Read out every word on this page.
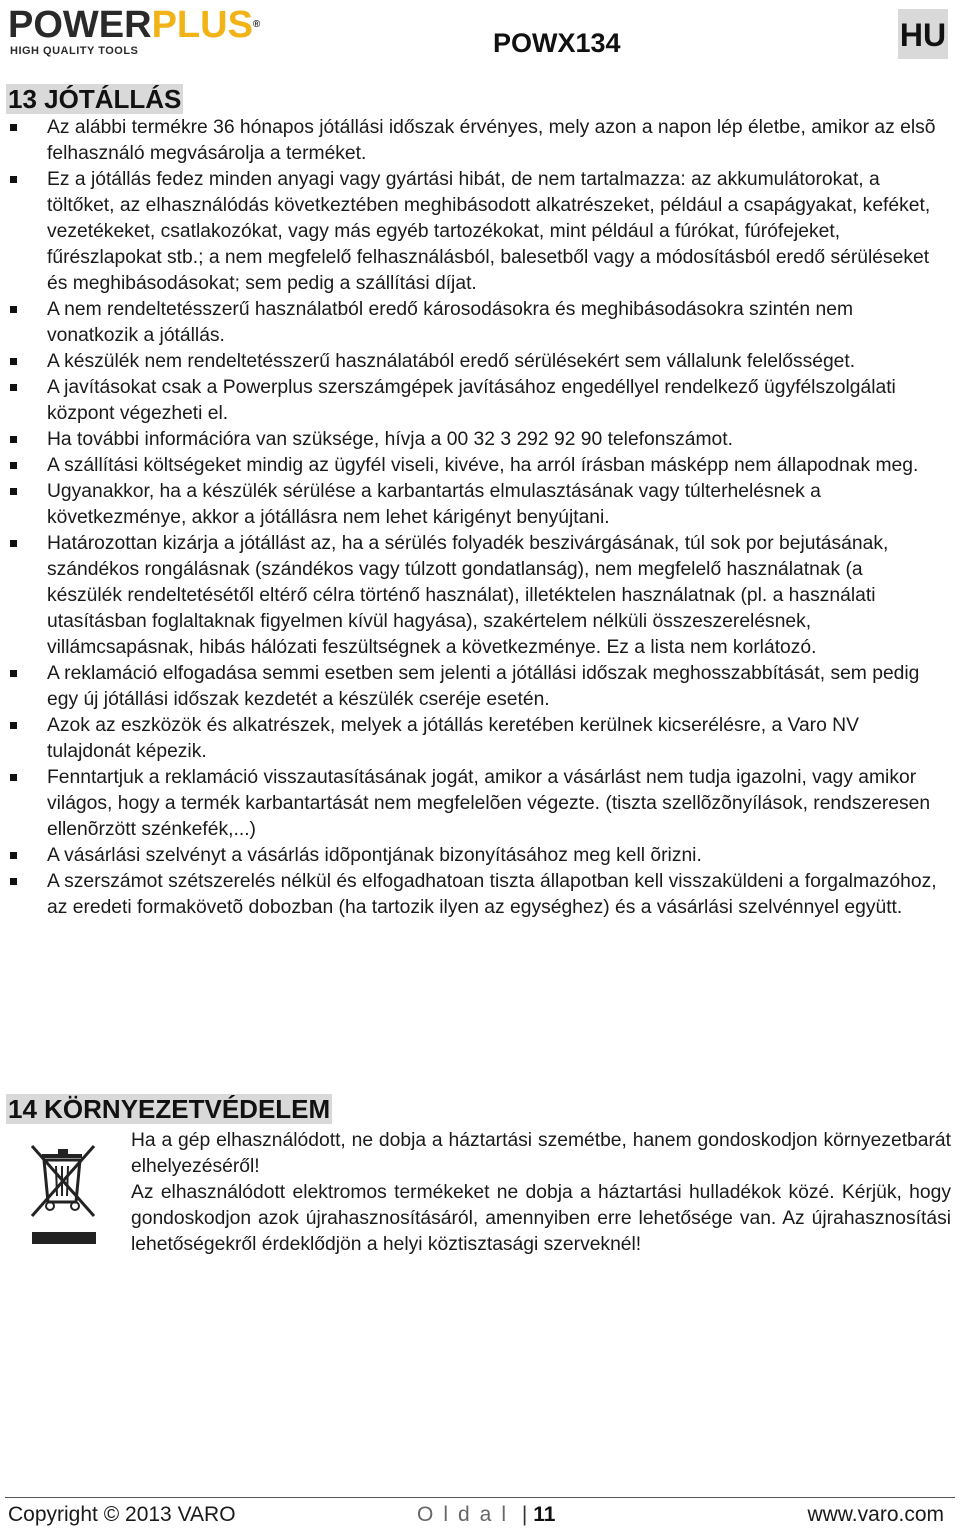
POWERPLUS®
HIGH QUALITY TOOLS	POWX134	HU
13 JÓTÁLLÁS
Az alábbi termékre 36 hónapos jótállási időszak érvényes, mely azon a napon lép életbe, amikor az elsõ felhasználó megvásárolja a terméket.
Ez a jótállás fedez minden anyagi vagy gyártási hibát, de nem tartalmazza: az akkumulátorokat, a töltőket, az elhasználódás következtében meghibásodott alkatrészeket, például a csapágyakat, keféket, vezetékeket, csatlakozókat, vagy más egyéb tartozékokat, mint például a fúrókat, fúrófejeket, fűrészlapokat stb.; a nem megfelelő felhasználásból, balesetből vagy a módosításból eredő sérüléseket és meghibásodásokat; sem pedig a szállítási díjat.
A nem rendeltetésszerű használatból eredő károsodásokra és meghibásodásokra szintén nem vonatkozik a jótállás.
A készülék nem rendeltetésszerű használatából eredő sérülésekért sem vállalunk felelősséget.
A javításokat csak a Powerplus szerszámgépek javításához engedéllyel rendelkező ügyfélszolgálati központ végezheti el.
Ha további információra van szüksége, hívja a 00 32 3 292 92 90 telefonszámot.
A szállítási költségeket mindig az ügyfél viseli, kivéve, ha arról írásban másképp nem állapodnak meg.
Ugyanakkor, ha a készülék sérülése a karbantartás elmulasztásának vagy túlterhelésnek a következménye, akkor a jótállásra nem lehet kárigényt benyújtani.
Határozottan kizárja a jótállást az, ha a sérülés folyadék beszivárgásának, túl sok por bejutásának, szándékos rongálásnak (szándékos vagy túlzott gondatlanság), nem megfelelő használatnak (a készülék rendeltetésétől eltérő célra történő használat), illetéktelen használatnak (pl. a használati utasításban foglaltaknak figyelmen kívül hagyása), szakértelem nélküli összeszerelésnek, villámcsapásnak, hibás hálózati feszültségnek a következménye. Ez a lista nem korlátozó.
A reklamáció elfogadása semmi esetben sem jelenti a jótállási időszak meghosszabbítását, sem pedig egy új jótállási időszak kezdetét a készülék cseréje esetén.
Azok az eszközök és alkatrészek, melyek a jótállás keretében kerülnek kicserélésre, a Varo NV tulajdonát képezik.
Fenntartjuk a reklamáció visszautasításának jogát, amikor a vásárlást nem tudja igazolni, vagy amikor világos, hogy a termék karbantartását nem megfelelõen végezte. (tiszta szellõzõnyílások, rendszeresen ellenõrzött szénkefék,...)
A vásárlási szelvényt a vásárlás idõpontjának bizonyításához meg kell õrizni.
A szerszámot szétszerelés nélkül és elfogadhatoan tiszta állapotban kell visszaküldeni a forgalmazóhoz, az eredeti formakövetõ dobozban (ha tartozik ilyen az egységhez) és a vásárlási szelvénnyel együtt.
14 KÖRNYEZETVÉDELEM

Ha a gép elhasználódott, ne dobja a háztartási szemétbe, hanem gondoskodjon környezetbarát elhelyezéséről!

Az elhasználódott elektromos termékeket ne dobja a háztartási hulladékok közé. Kérjük, hogy gondoskodjon azok újrahasznosításáról, amennyiben erre lehetősége van. Az újrahasznosítási lehetőségekről érdeklődjön a helyi köztisztasági szerveknél!

Copyright © 2013 VARO	Oldal | 11	www.varo.com
